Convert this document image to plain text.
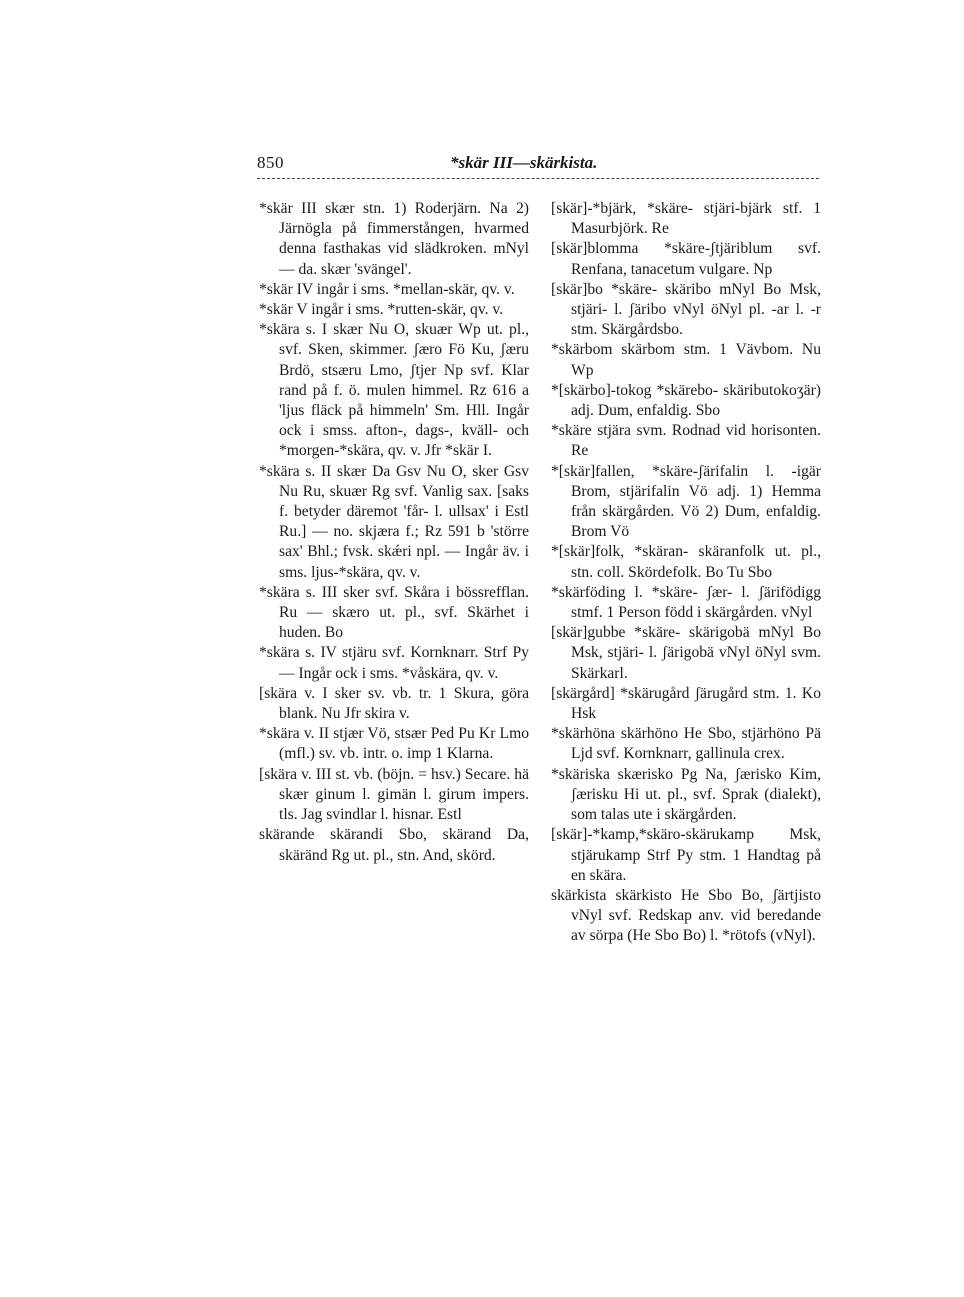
850	*skär III—skärkista.

*skär III skær stn. 1) Roderjärn. Na 2) Järnögla på fimmerstången, hvarmed denna fasthakas vid slädkroken. mNyl — da. skær 'svängel'.

*skär IV ingår i sms. *mellan-skär, qv. v.

*skär V ingår i sms. *rutten-skär, qv. v.

*skära s. I skær Nu O, skuær Wp ut. pl., svf. Sken, skimmer. ʃæro Fö Ku, ʃæru Brdö, stsæru Lmo, ʃtjer Np svf. Klar rand på f. ö. mulen himmel. Rz 616 a 'ljus fläck på himmeln' Sm. Hll. Ingår ock i smss. afton-, dags-, kväll- och *morgen-*skära, qv. v. Jfr *skär I.

*skära s. II skær Da Gsv Nu O, sker Gsv Nu Ru, skuær Rg svf. Vanlig sax. [saks f. betyder däremot 'får- l. ullsax' i Estl Ru.] — no. skjæra f.; Rz 591 b 'större sax' Bhl.; fvsk. skǽri npl. — Ingår äv. i sms. ljus-*skära, qv. v.

*skära s. III sker svf. Skåra i bössrefflan. Ru — skæro ut. pl., svf. Skärhet i huden. Bo

*skära s. IV stjäru svf. Kornknarr. Strf Py — Ingår ock i sms. *våskära, qv. v.

[skära v. I sker sv. vb. tr. 1 Skura, göra blank. Nu Jfr skira v.

*skära v. II stjær Vö, stsær Ped Pu Kr Lmo (mfl.) sv. vb. intr. o. imp 1 Klarna.

[skära v. III st. vb. (böjn. = hsv.) Secare. hä skær ginum l. gimän l. girum impers. tls. Jag svindlar l. hisnar. Estl

skärande skärandi Sbo, skärand Da, skäränd Rg ut. pl., stn. And, skörd.

[skär]-*bjärk, *skäre- stjäri-bjärk stf. 1 Masurbjörk. Re

[skär]blomma *skäre-ʃtjäriblum svf. Renfana, tanacetum vulgare. Np

[skär]bo *skäre- skäribo mNyl Bo Msk, stjäri- l. ʃäribo vNyl öNyl pl. -ar l. -r stm. Skärgårdsbo.

*skärbom skärbom stm. 1 Vävbom. Nu Wp

*[skärbo]-tokog *skärebo- skäributokoʒär) adj. Dum, enfaldig. Sbo

*skäre stjära svm. Rodnad vid horisonten. Re

*[skär]fallen, *skäre-ʃärifalin l. -igär Brom, stjärifalin Vö adj. 1) Hemma från skärgården. Vö 2) Dum, enfaldig. Brom Vö

*[skär]folk, *skäran- skäranfolk ut. pl., stn. coll. Skördefolk. Bo Tu Sbo

*skärföding l. *skäre- ʃær- l. ʃärifödigg stmf. 1 Person född i skärgården. vNyl

[skär]gubbe *skäre- skärigobä mNyl Bo Msk, stjäri- l. ʃärigobä vNyl öNyl svm. Skärkarl.

[skärgård] *skärugård ʃärugård stm. 1. Ko Hsk

*skärhöna skärhöno He Sbo, stjärhöno Pä Ljd svf. Kornknarr, gallinula crex.

*skäriska skærisko Pg Na, ʃærisko Kim, ʃærisku Hi ut. pl., svf. Sprak (dialekt), som talas ute i skärgården.

[skär]-*kamp,*skäro-skärukamp Msk, stjärukamp Strf Py stm. 1 Handtag på en skära.

skärkista skärkisto He Sbo Bo, ʃärtjisto vNyl svf. Redskap anv. vid beredande av sörpa (He Sbo Bo) l. *rötofs (vNyl).
